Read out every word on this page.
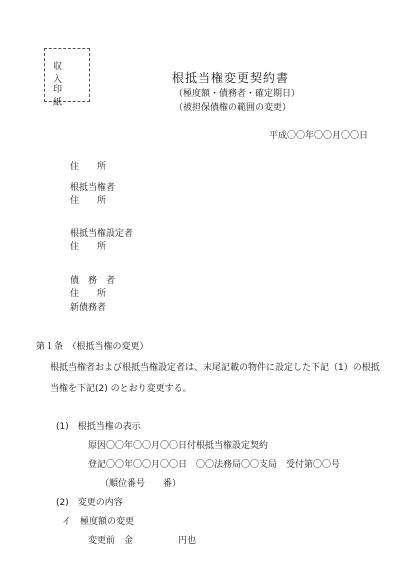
収 入
印 紙
根抵当権変更契約書
（極度額・債務者・確定期日）
（被担保債権の範囲の変更）
平成〇〇年〇〇月〇〇日
住　　所
根抵当権者
住　　所
根抵当権設定者
住　　所
債　務　者
住　　所
新債務者
第１条　（根抵当権の変更）
根抵当権者および根抵当権設定者は、末尾記載の物件に設定した下記（1）の根抵
当権を下記(2) のとおり変更する。
(1)　根抵当権の表示
原因〇〇年〇〇月〇〇日付根抵当権設定契約
登記〇〇年〇〇月〇〇日　〇〇法務局〇〇支局　受付第〇〇号
（順位番号　　番）
(2)　変更の内容
イ　極度額の変更
変更前　金　　　　　円也
